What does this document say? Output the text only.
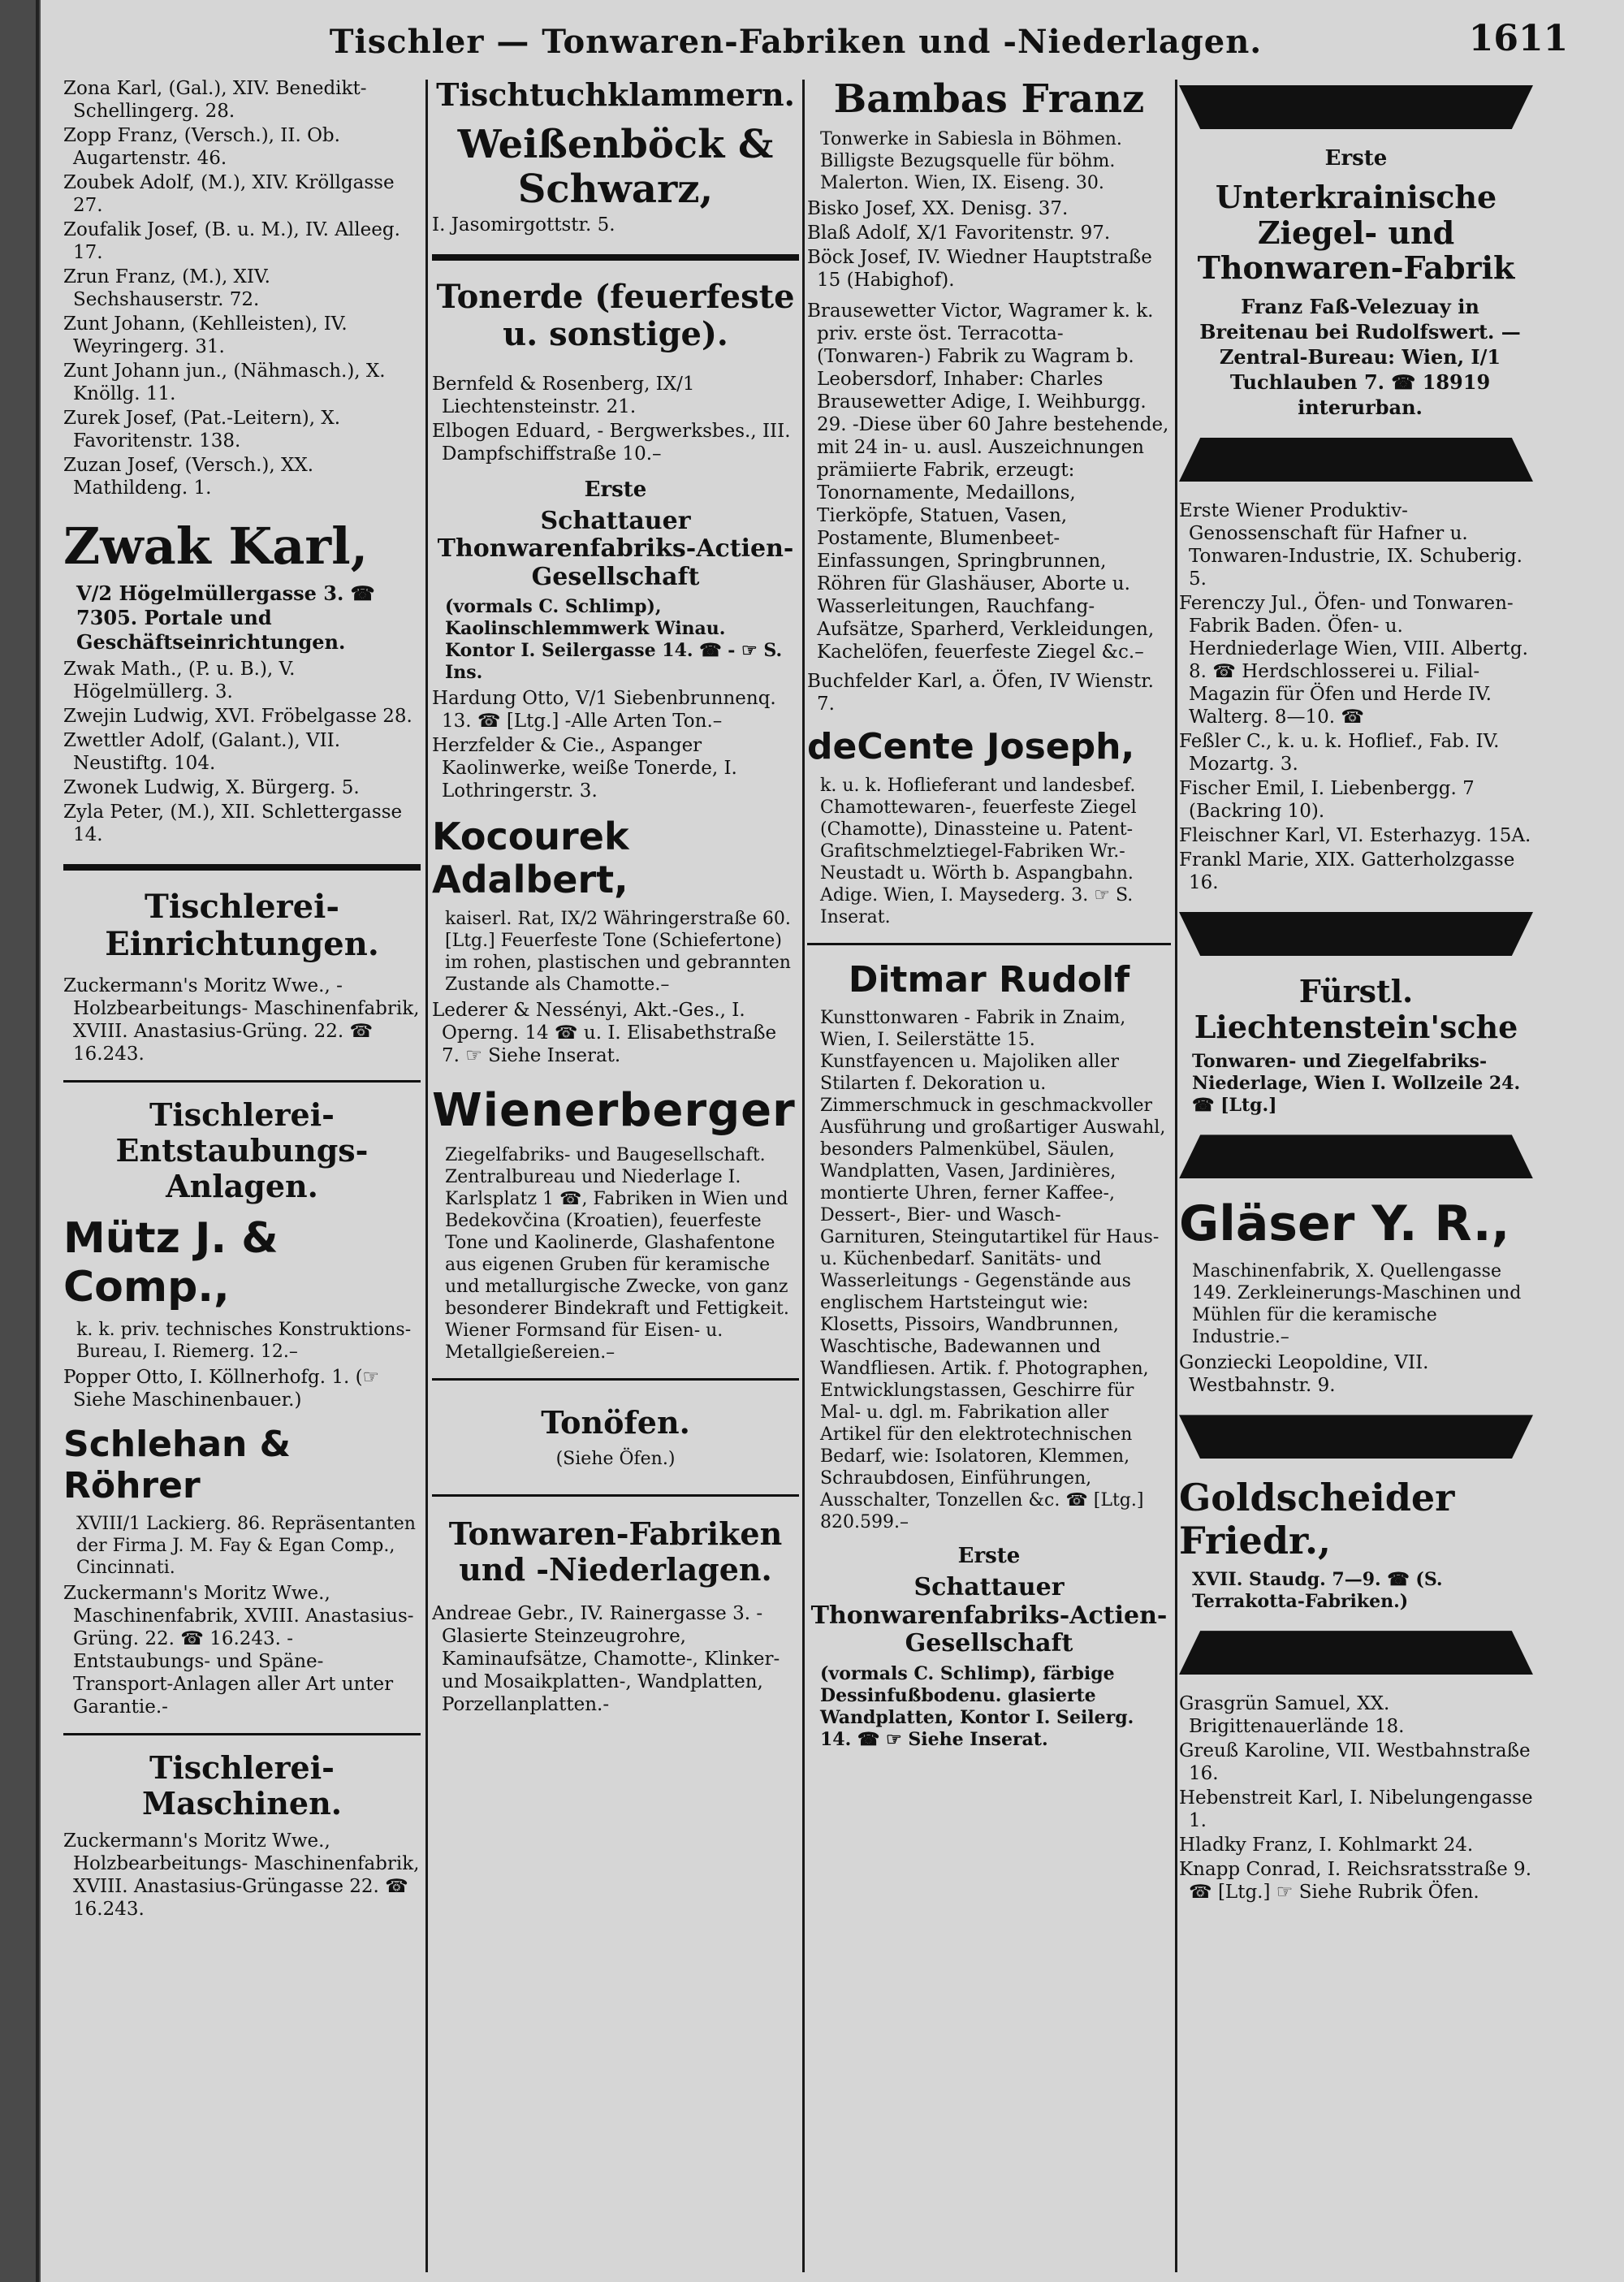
Tischler — Tonwaren-Fabriken und -Niederlagen.	1611
Zona Karl, (Gal.), XIV. Benedikt-Schellingerg. 28.
Zopp Franz, (Versch.), II. Ob. Augartenstr. 46.
Zoubek Adolf, (M.), XIV. Kröllgasse 27.
Zoufalik Josef, (B. u. M.), IV. Alleeg. 17.
Zrun Franz, (M.), XIV. Sechshauserstr. 72.
Zunt Johann, (Kehlleisten), IV. Weyringerg. 31.
Zunt Johann jun., (Nähmasch.), X. Knöllg. 11.
Zurek Josef, (Pat.-Leitern), X. Favoritenstr. 138.
Zuzan Josef, (Versch.), XX. Mathildeng. 1.
Zwak Karl,
V/2 Högelmüllergasse 3. ☎ 7305. Portale und Geschäftseinrichtungen.
Zwak Math., (P. u. B.), V. Högelmüllerg. 3.
Zwejin Ludwig, XVI. Fröbelgasse 28.
Zwettler Adolf, (Galant.), VII. Neustiftg. 104.
Zwonek Ludwig, X. Bürgerg. 5.
Zyla Peter, (M.), XII. Schlettergasse 14.
Tischlerei-Einrichtungen.
Zuckermann's Moritz Wwe., -Holzbearbeitungs- Maschinenfabrik, XVIII. Anastasius-Grüng. 22. ☎ 16.243.
Tischlerei-Entstaubungs-Anlagen.
Mütz J. & Comp.,
k. k. priv. technisches Konstruktions-Bureau, I. Riemerg. 12.–
Popper Otto, I. Köllnerhofg. 1. (☞ Siehe Maschinenbauer.)
Schlehan & Röhrer
XVIII/1 Lackierg. 86. Repräsentanten der Firma J. M. Fay & Egan Comp., Cincinnati.
Zuckermann's Moritz Wwe., Maschinenfabrik, XVIII. Anastasius-Grüng. 22. ☎ 16.243. -Entstaubungs- und Späne-Transport-Anlagen aller Art unter Garantie.-
Tischlerei-Maschinen.
Zuckermann's Moritz Wwe., Holzbearbeitungs- Maschinenfabrik, XVIII. Anastasius-Grüngasse 22. ☎ 16.243.
Tischtuchklammern.
Weißenböck & Schwarz,
I. Jasomirgottstr. 5.
Tonerde (feuerfeste u. sonstige).
Bernfeld & Rosenberg, IX/1 Liechtensteinstr. 21.
Elbogen Eduard, - Bergwerksbes., III. Dampfschiffstraße 10.–
Erste
Schattauer Thonwarenfabriks-Actien-Gesellschaft
(vormals C. Schlimp), Kaolinschlemmwerk Winau. Kontor I. Seilergasse 14. ☎ - ☞ S. Ins.
Hardung Otto, V/1 Siebenbrunnenq. 13. ☎ [Ltg.] -Alle Arten Ton.–
Herzfelder & Cie., Aspanger Kaolinwerke, weiße Tonerde, I. Lothringerstr. 3.
Kocourek Adalbert,
kaiserl. Rat, IX/2 Währingerstraße 60. [Ltg.] Feuerfeste Tone (Schiefertone) im rohen, plastischen und gebrannten Zustande als Chamotte.–
Lederer & Nessényi, Akt.-Ges., I. Operng. 14 ☎ u. I. Elisabethstraße 7. ☞ Siehe Inserat.
Wienerberger
Ziegelfabriks- und Baugesellschaft. Zentralbureau und Niederlage I. Karlsplatz 1 ☎, Fabriken in Wien und Bedekovčina (Kroatien), feuerfeste Tone und Kaolinerde, Glashafentone aus eigenen Gruben für keramische und metallurgische Zwecke, von ganz besonderer Bindekraft und Fettigkeit. Wiener Formsand für Eisen- u. Metallgießereien.–
Tonöfen.
(Siehe Öfen.)
Tonwaren-Fabriken und -Niederlagen.
Andreae Gebr., IV. Rainergasse 3. -Glasierte Steinzeugrohre, Kaminaufsätze, Chamotte-, Klinker- und Mosaikplatten-, Wandplatten, Porzellanplatten.-
Bambas Franz
Tonwerke in Sabiesla in Böhmen. Billigste Bezugsquelle für böhm. Malerton. Wien, IX. Eiseng. 30.
Bisko Josef, XX. Denisg. 37.
Blaß Adolf, X/1 Favoritenstr. 97.
Böck Josef, IV. Wiedner Hauptstraße 15 (Habighof).
Brausewetter Victor, Wagramer k. k. priv. erste öst. Terracotta- (Tonwaren-) Fabrik zu Wagram b. Leobersdorf, Inhaber: Charles Brausewetter Adige, I. Weihburgg. 29. -Diese über 60 Jahre bestehende, mit 24 in- u. ausl. Auszeichnungen prämiierte Fabrik, erzeugt: Tonornamente, Medaillons, Tierköpfe, Statuen, Vasen, Postamente, Blumenbeet-Einfassungen, Springbrunnen, Röhren für Glashäuser, Aborte u. Wasserleitungen, Rauchfang-Aufsätze, Sparherd, Verkleidungen, Kachelöfen, feuerfeste Ziegel &c.–
Buchfelder Karl, a. Öfen, IV Wienstr. 7.
deCente Joseph,
k. u. k. Hoflieferant und landesbef. Chamottewaren-, feuerfeste Ziegel (Chamotte), Dinassteine u. Patent-Grafitschmelztiegel-Fabriken Wr.-Neustadt u. Wörth b. Aspangbahn. Adige. Wien, I. Maysederg. 3. ☞ S. Inserat.
Ditmar Rudolf
Kunsttonwaren - Fabrik in Znaim, Wien, I. Seilerstätte 15. Kunstfayencen u. Majoliken aller Stilarten f. Dekoration u. Zimmerschmuck in geschmackvoller Ausführung und großartiger Auswahl, besonders Palmenkübel, Säulen, Wandplatten, Vasen, Jardinières, montierte Uhren, ferner Kaffee-, Dessert-, Bier- und Wasch-Garnituren, Steingutartikel für Haus- u. Küchenbedarf. Sanitäts- und Wasserleitungs - Gegenstände aus englischem Hartsteingut wie: Klosetts, Pissoirs, Wandbrunnen, Waschtische, Badewannen und Wandfliesen. Artik. f. Photographen, Entwicklungstassen, Geschirre für Mal- u. dgl. m. Fabrikation aller Artikel für den elektrotechnischen Bedarf, wie: Isolatoren, Klemmen, Schraubdosen, Einführungen, Ausschalter, Tonzellen &c. ☎ [Ltg.] 820.599.–
Erste
Schattauer Thonwarenfabriks-Actien-Gesellschaft
(vormals C. Schlimp), färbige Dessinfußbodenu. glasierte Wandplatten, Kontor I. Seilerg. 14. ☎ ☞ Siehe Inserat.
Erste
Unterkrainische Ziegel- und Thonwaren-Fabrik
Franz Faß-Velezuay in Breitenau bei Rudolfswert. — Zentral-Bureau: Wien, I/1 Tuchlauben 7. ☎ 18919 interurban.
Erste Wiener Produktiv-Genossenschaft für Hafner u. Tonwaren-Industrie, IX. Schuberig. 5.
Ferenczy Jul., Öfen- und Tonwaren-Fabrik Baden. Öfen- u. Herdniederlage Wien, VIII. Albertg. 8. ☎ Herdschlosserei u. Filial-Magazin für Öfen und Herde IV. Walterg. 8—10. ☎
Feßler C., k. u. k. Hoflief., Fab. IV. Mozartg. 3.
Fischer Emil, I. Liebenbergg. 7 (Backring 10).
Fleischner Karl, VI. Esterhazyg. 15A.
Frankl Marie, XIX. Gatterholzgasse 16.
Fürstl. Liechtenstein'sche
Tonwaren- und Ziegelfabriks-Niederlage, Wien I. Wollzeile 24. ☎ [Ltg.]
Gläser Y. R.,
Maschinenfabrik, X. Quellengasse 149. Zerkleinerungs-Maschinen und Mühlen für die keramische Industrie.–
Gonziecki Leopoldine, VII. Westbahnstr. 9.
Goldscheider Friedr.,
XVII. Staudg. 7—9. ☎ (S. Terrakotta-Fabriken.)
Grasgrün Samuel, XX. Brigittenauerlände 18.
Greuß Karoline, VII. Westbahnstraße 16.
Hebenstreit Karl, I. Nibelungengasse 1.
Hladky Franz, I. Kohlmarkt 24.
Knapp Conrad, I. Reichsratsstraße 9. ☎ [Ltg.] ☞ Siehe Rubrik Öfen.
